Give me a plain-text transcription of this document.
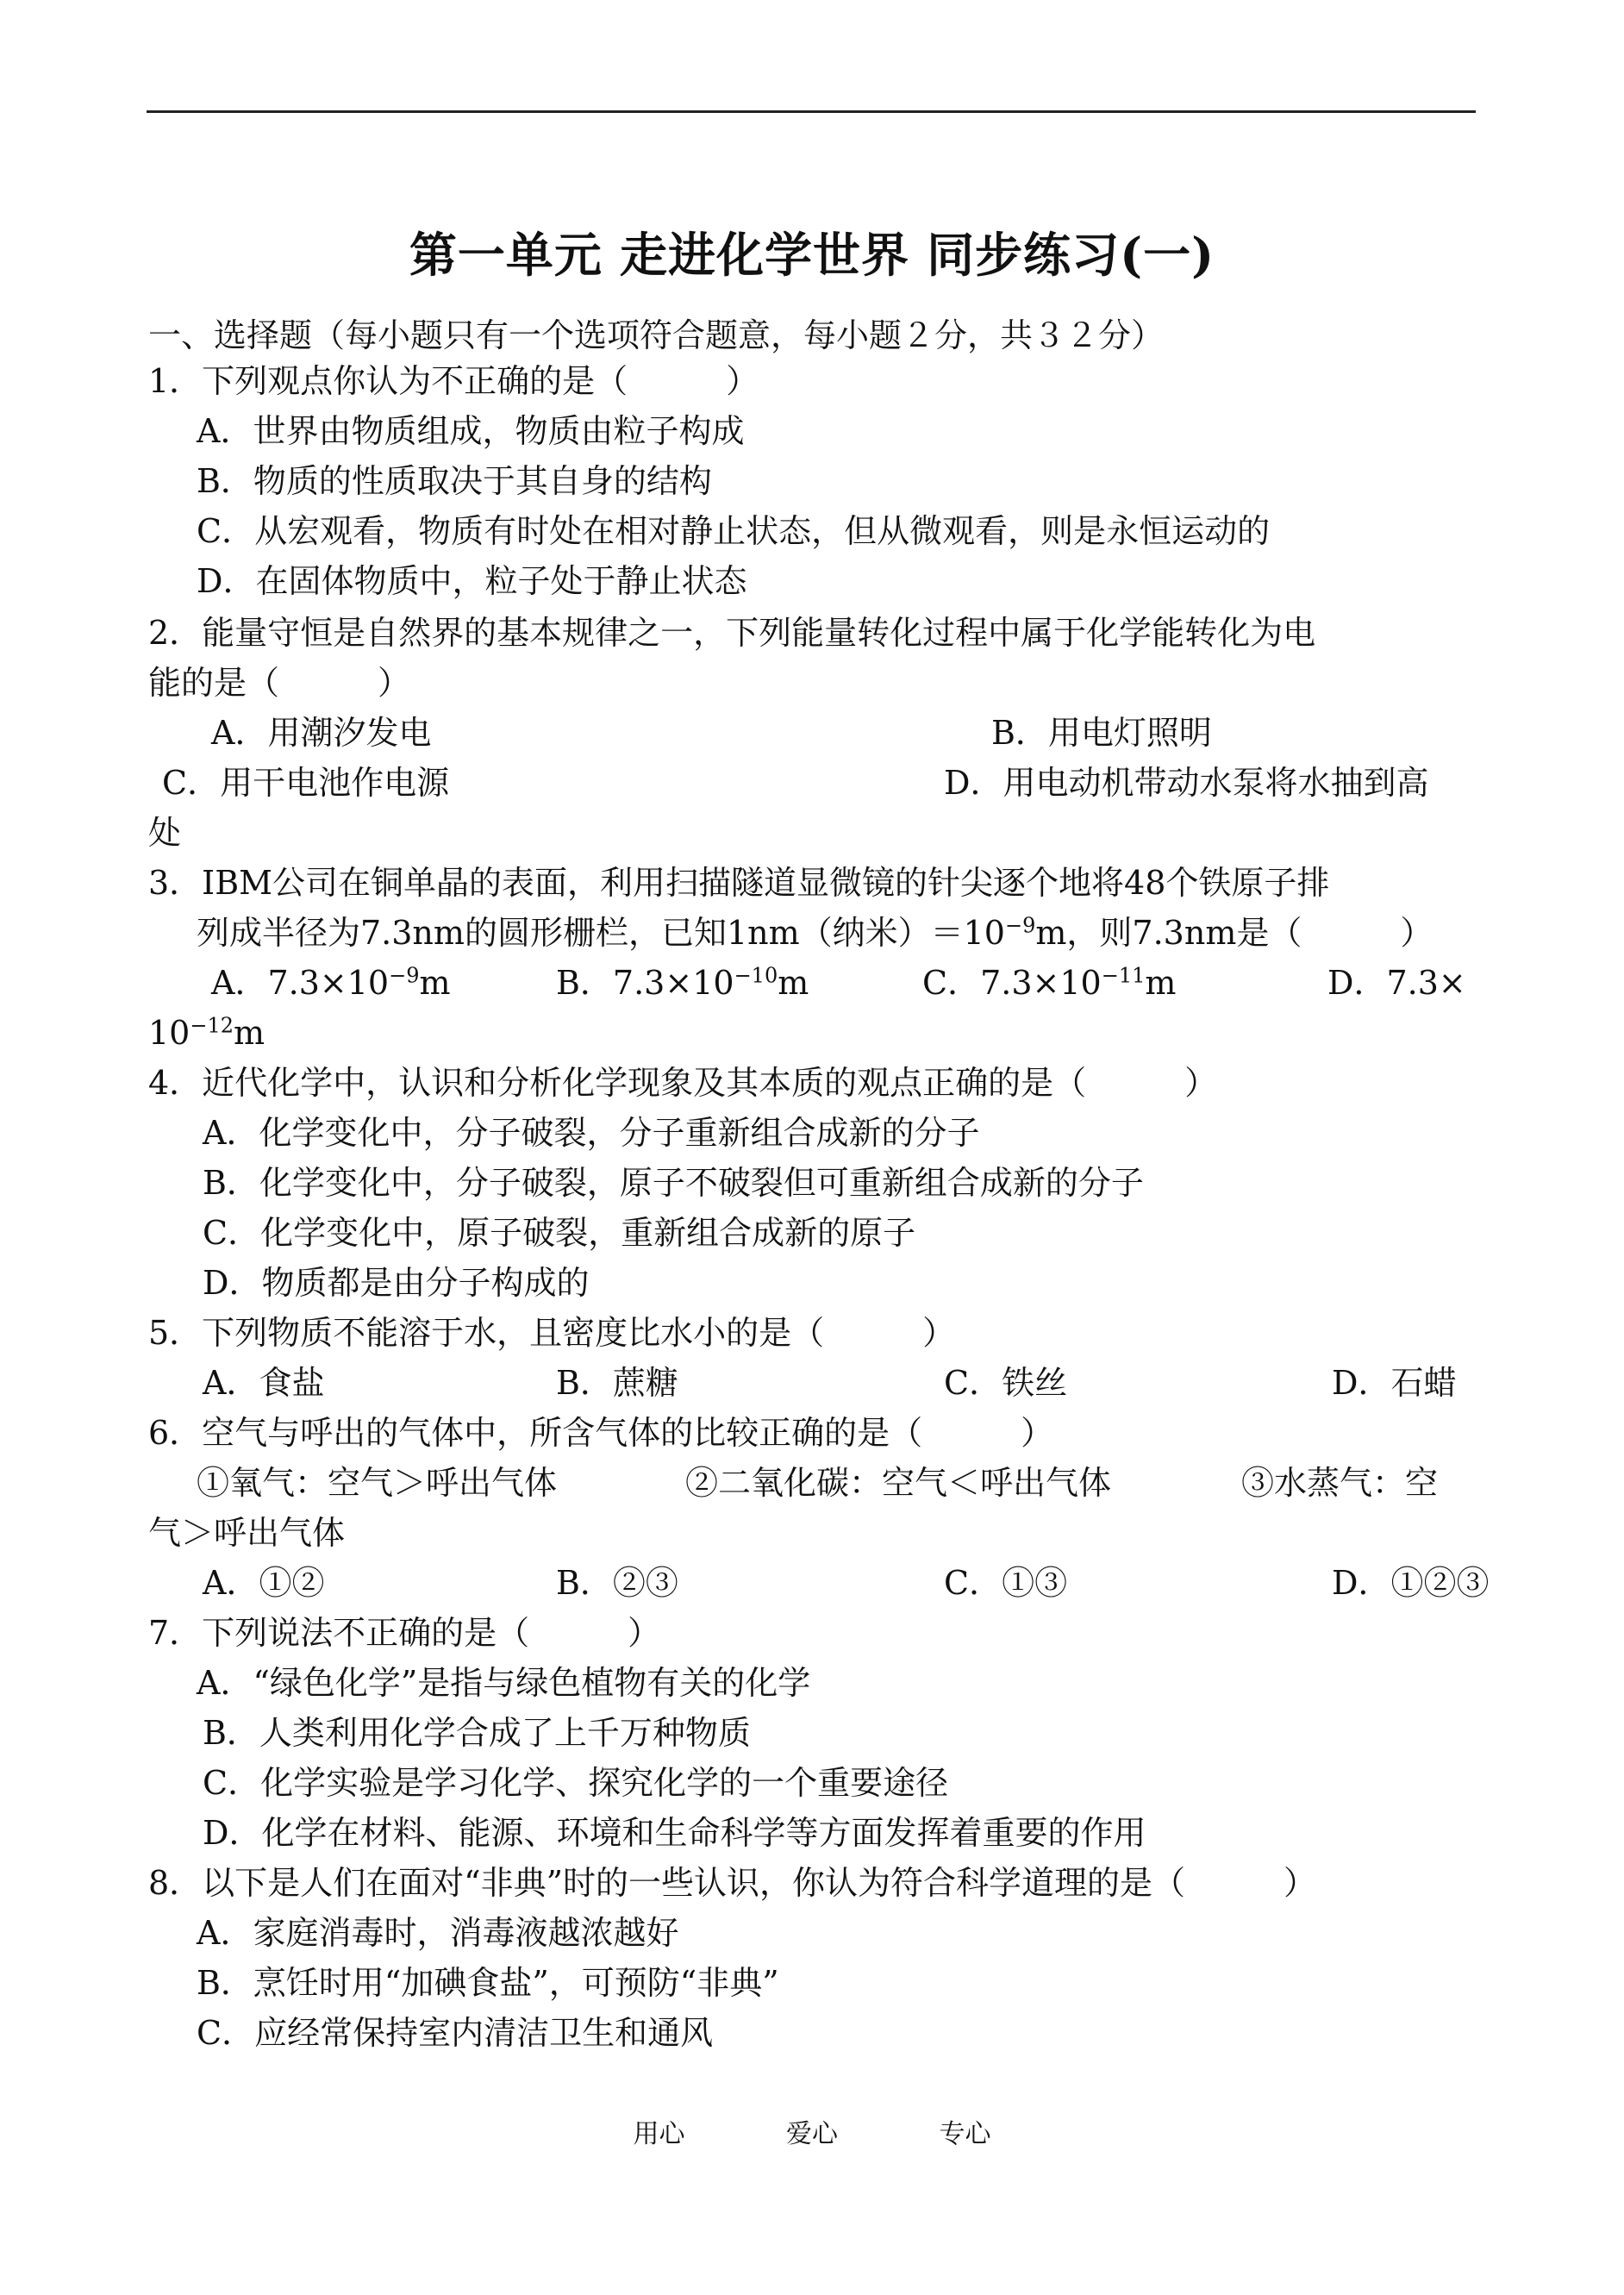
第一单元 走进化学世界 同步练习(一)
一、选择题（每小题只有一个选项符合题意，每小题２分，共３２分）
1．下列观点你认为不正确的是（　　　）
A．世界由物质组成，物质由粒子构成
B．物质的性质取决于其自身的结构
C．从宏观看，物质有时处在相对静止状态，但从微观看，则是永恒运动的
D．在固体物质中，粒子处于静止状态
2．能量守恒是自然界的基本规律之一，下列能量转化过程中属于化学能转化为电
能的是（　　　）
A．用潮汐发电	B．用电灯照明
C．用干电池作电源	D．用电动机带动水泵将水抽到高
处
3．IBM公司在铜单晶的表面，利用扫描隧道显微镜的针尖逐个地将48个铁原子排
列成半径为7.3nm的圆形栅栏，已知1nm（纳米）$=10^{-9}m$，则7.3nm是（　　　）
A．$7.3\times 10^{-9}m$	B．$7.3\times 10^{-10}m$	C．$7.3\times 10^{-11}m$	D．7.3×
$10^{-12}m$
4．近代化学中，认识和分析化学现象及其本质的观点正确的是（　　　）
A．化学变化中，分子破裂，分子重新组合成新的分子
B．化学变化中，分子破裂，原子不破裂但可重新组合成新的分子
C．化学变化中，原子破裂，重新组合成新的原子
D．物质都是由分子构成的
5．下列物质不能溶于水，且密度比水小的是（　　　）
A．食盐	B．蔗糖	C．铁丝	D．石蜡
6．空气与呼出的气体中，所含气体的比较正确的是（　　　）
①氧气：空气＞呼出气体	②二氧化碳：空气＜呼出气体	③水蒸气：空
气＞呼出气体
A．①②	B．②③	C．①③	D．①②③
7．下列说法不正确的是（　　　）
A．“绿色化学”是指与绿色植物有关的化学
B．人类利用化学合成了上千万种物质
C．化学实验是学习化学、探究化学的一个重要途径
D．化学在材料、能源、环境和生命科学等方面发挥着重要的作用
8．以下是人们在面对“非典”时的一些认识，你认为符合科学道理的是（　　　）
A．家庭消毒时，消毒液越浓越好
B．烹饪时用“加碘食盐”，可预防“非典”
C．应经常保持室内清洁卫生和通风
用心	爱心	专心
